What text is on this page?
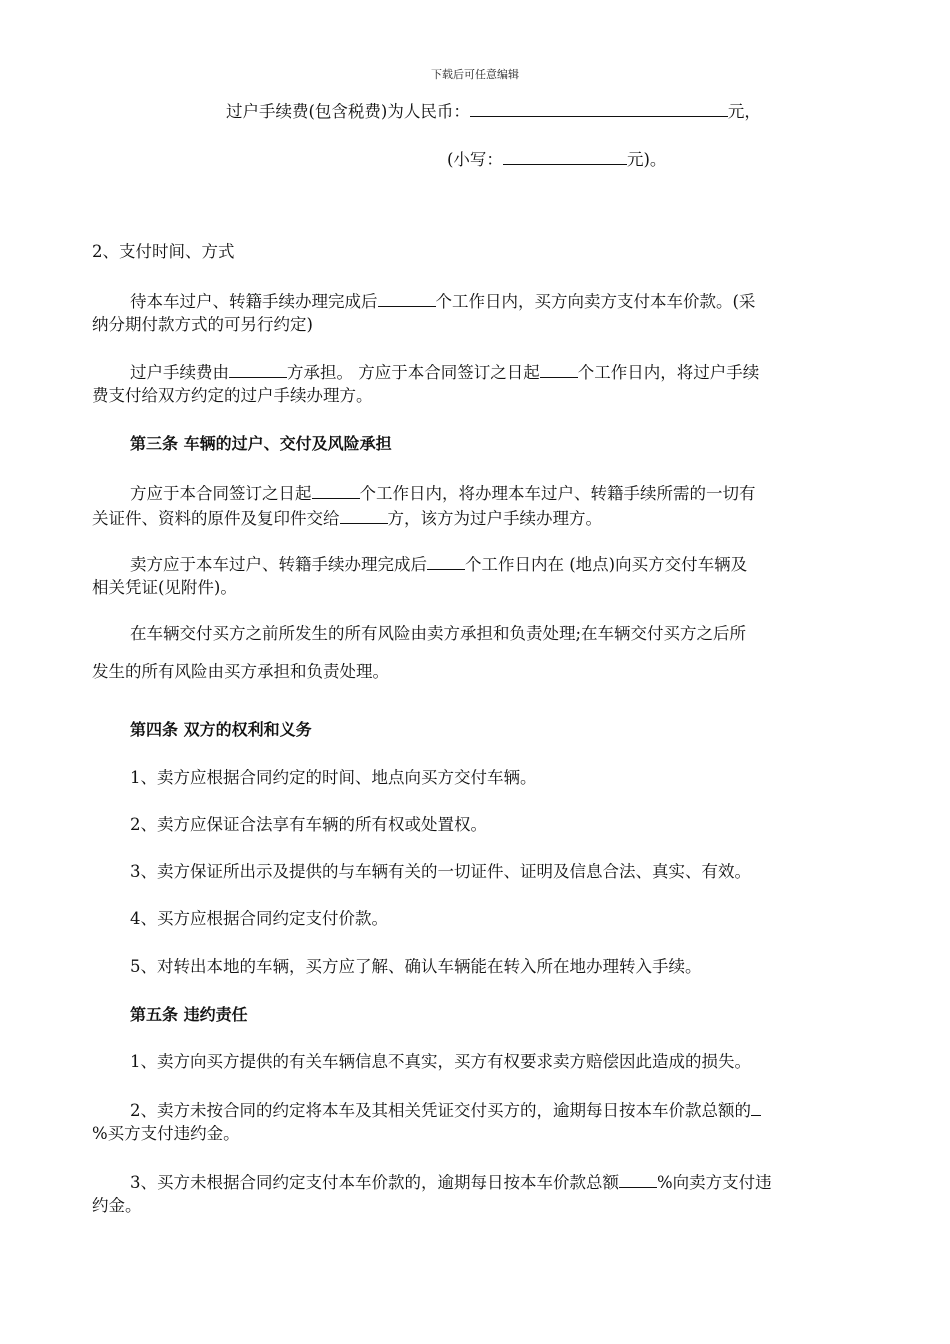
下载后可任意编辑
过户手续费(包含税费)为人民币：	元，
(小写：	元)。
2、支付时间、方式
待本车过户、转籍手续办理完成后	个工作日内，买方向卖方支付本车价款。(采
纳分期付款方式的可另行约定)
过户手续费由	方承担。 方应于本合同签订之日起 个工作日内，将过户手续
费支付给双方约定的过户手续办理方。
第三条 车辆的过户、交付及风险承担
方应于本合同签订之日起	个工作日内，将办理本车过户、转籍手续所需的一切有
关证件、资料的原件及复印件交给	方，该方为过户手续办理方。
卖方应于本车过户、转籍手续办理完成后 个工作日内在 (地点)向买方交付车辆及
相关凭证(见附件)。
在车辆交付买方之前所发生的所有风险由卖方承担和负责处理;在车辆交付买方之后所
发生的所有风险由买方承担和负责处理。
第四条 双方的权利和义务
1、卖方应根据合同约定的时间、地点向买方交付车辆。
2、卖方应保证合法享有车辆的所有权或处置权。
3、卖方保证所出示及提供的与车辆有关的一切证件、证明及信息合法、真实、有效。
4、买方应根据合同约定支付价款。
5、对转出本地的车辆，买方应了解、确认车辆能在转入所在地办理转入手续。
第五条 违约责任
1、卖方向买方提供的有关车辆信息不真实，买方有权要求卖方赔偿因此造成的损失。
2、卖方未按合同的约定将本车及其相关凭证交付买方的，逾期每日按本车价款总额的
%买方支付违约金。
3、买方未根据合同约定支付本车价款的，逾期每日按本车价款总额 %向卖方支付违
约金。
